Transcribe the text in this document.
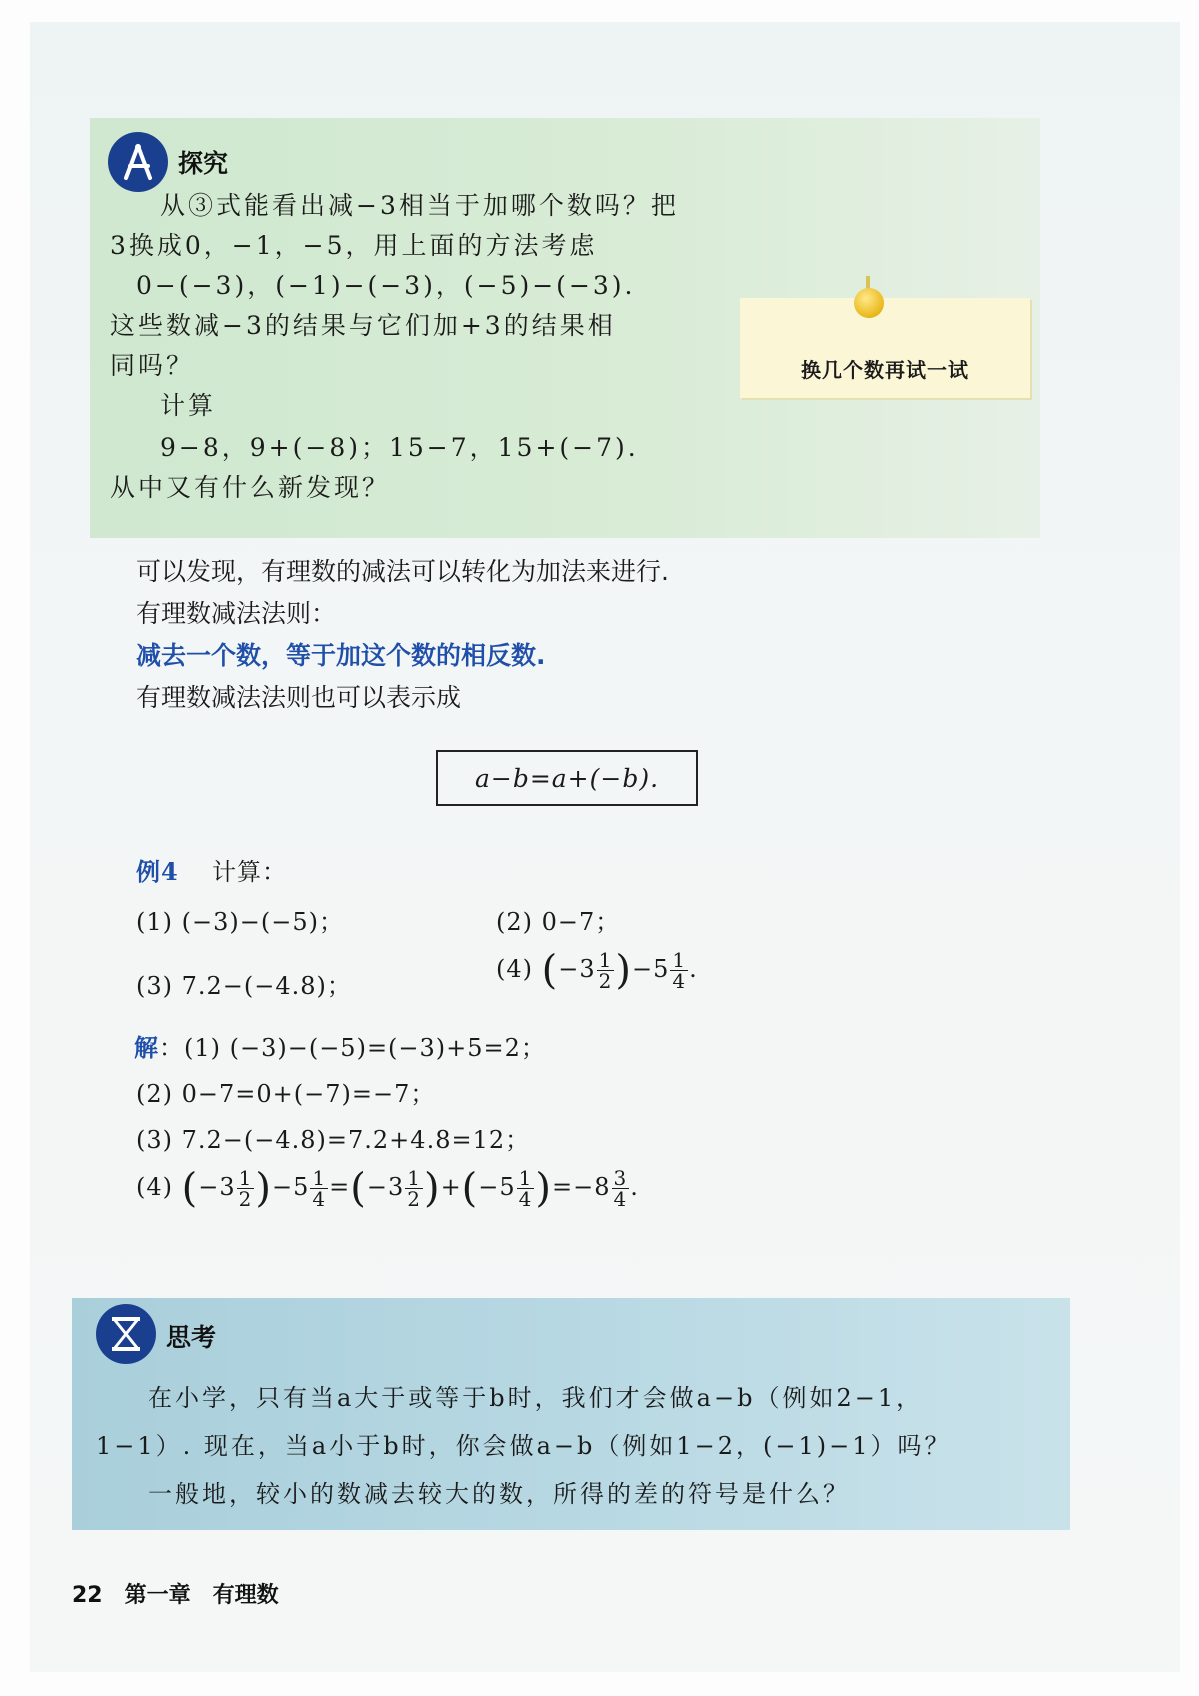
探究
从③式能看出减−3相当于加哪个数吗？把
3换成0，−1，−5，用上面的方法考虑
0−(−3)，(−1)−(−3)，(−5)−(−3).
这些数减−3的结果与它们加+3的结果相
同吗？
计算
9−8，9+(−8)；15−7，15+(−7).
从中又有什么新发现？
换几个数再试一试
可以发现，有理数的减法可以转化为加法来进行.
有理数减法法则：
减去一个数，等于加这个数的相反数.
有理数减法法则也可以表示成
a−b=a+(−b).
例4 计算：
(1) (−3)−(−5)；	(2) 0−7；
(3) 7.2−(−4.8)；
(4) $(-3 \frac{1}{2} )-5 \frac{1}{4}$ .
解：(1) (−3)−(−5)=(−3)+5=2；
(2) 0−7=0+(−7)=−7；
(3) 7.2−(−4.8)=7.2+4.8=12；
(4) $(-3 \frac{1}{2} )-5 \frac{1}{4} =(-3 \frac{1}{2} )+(-5 \frac{1}{4} )=-8 \frac{3}{4}$ .
思考
在小学，只有当a大于或等于b时，我们才会做a−b（例如2−1，
1−1）. 现在，当a小于b时，你会做a−b（例如1−2，(−1)−1）吗？
一般地，较小的数减去较大的数，所得的差的符号是什么？
22 第一章 有理数
